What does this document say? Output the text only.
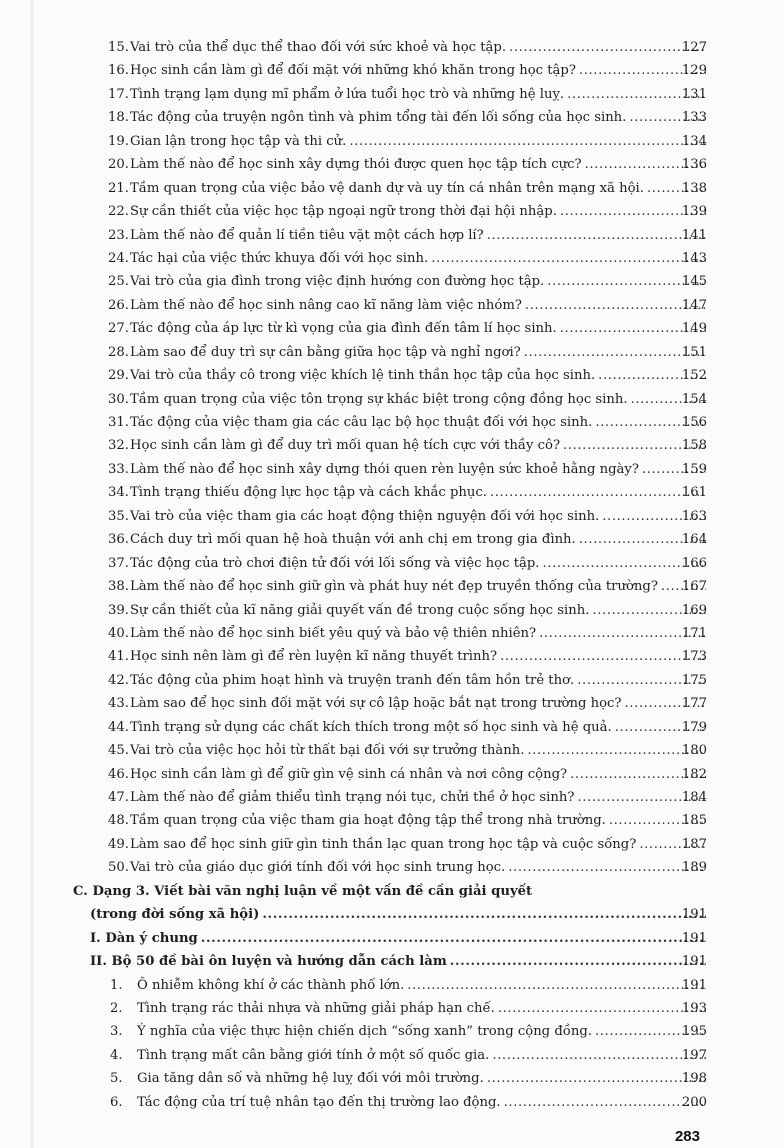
15. Vai trò của thể dục thể thao đối với sức khoẻ và học tập. .....	127
16. Học sinh cần làm gì để đối mặt với những khó khăn trong học tập? .....	129
17. Tình trạng lạm dụng mĩ phẩm ở lứa tuổi học trò và những hệ luỵ. .....	131
18. Tác động của truyện ngôn tình và phim tổng tài đến lối sống của học sinh. .....	133
19. Gian lận trong học tập và thi cử. .....	134
20. Làm thế nào để học sinh xây dựng thói được quen học tập tích cực? .....	136
21. Tầm quan trọng của việc bảo vệ danh dự và uy tín cá nhân trên mạng xã hội. .....	138
22. Sự cần thiết của việc học tập ngoại ngữ trong thời đại hội nhập. .....	139
23. Làm thế nào để quản lí tiền tiêu vặt một cách hợp lí? .....	141
24. Tác hại của việc thức khuya đối với học sinh. .....	143
25. Vai trò của gia đình trong việc định hướng con đường học tập. .....	145
26. Làm thế nào để học sinh nâng cao kĩ năng làm việc nhóm? .....	147
27. Tác động của áp lực từ kì vọng của gia đình đến tâm lí học sinh. .....	149
28. Làm sao để duy trì sự cân bằng giữa học tập và nghỉ ngơi? .....	151
29. Vai trò của thầy cô trong việc khích lệ tinh thần học tập của học sinh. .....	152
30. Tầm quan trọng của việc tôn trọng sự khác biệt trong cộng đồng học sinh. .....	154
31. Tác động của việc tham gia các câu lạc bộ học thuật đối với học sinh. .....	156
32. Học sinh cần làm gì để duy trì mối quan hệ tích cực với thầy cô? .....	158
33. Làm thế nào để học sinh xây dựng thói quen rèn luyện sức khoẻ hằng ngày? .....	159
34. Tình trạng thiếu động lực học tập và cách khắc phục. .....	161
35. Vai trò của việc tham gia các hoạt động thiện nguyện đối với học sinh. .....	163
36. Cách duy trì mối quan hệ hoà thuận với anh chị em trong gia đình. .....	164
37. Tác động của trò chơi điện tử đối với lối sống và việc học tập. .....	166
38. Làm thế nào để học sinh giữ gìn và phát huy nét đẹp truyền thống của trường? ..... 167
39. Sự cần thiết của kĩ năng giải quyết vấn đề trong cuộc sống học sinh. .....	169
40. Làm thế nào để học sinh biết yêu quý và bảo vệ thiên nhiên? .....	171
41. Học sinh nên làm gì để rèn luyện kĩ năng thuyết trình? .....	173
42. Tác động của phim hoạt hình và truyện tranh đến tâm hồn trẻ thơ. .....	175
43. Làm sao để học sinh đối mặt với sự cô lập hoặc bắt nạt trong trường học? .....	177
44. Tình trạng sử dụng các chất kích thích trong một số học sinh và hệ quả. .....	179
45. Vai trò của việc học hỏi từ thất bại đối với sự trưởng thành. .....	180
46. Học sinh cần làm gì để giữ gìn vệ sinh cá nhân và nơi công cộng? .....	182
47. Làm thế nào để giảm thiểu tình trạng nói tục, chửi thề ở học sinh? .....	184
48. Tầm quan trọng của việc tham gia hoạt động tập thể trong nhà trường. .....	185
49. Làm sao để học sinh giữ gìn tinh thần lạc quan trong học tập và cuộc sống? .....	187
50. Vai trò của giáo dục giới tính đối với học sinh trung học. .....	189
C. Dạng 3. Viết bài văn nghị luận về một vấn đề cần giải quyết
(trong đời sống xã hội) .....	191
I. Dàn ý chung .....	191
II. Bộ 50 đề bài ôn luyện và hướng dẫn cách làm .....	191
1. Ô nhiễm không khí ở các thành phố lớn. .....	191
2. Tình trạng rác thải nhựa và những giải pháp hạn chế. .....	193
3. Ý nghĩa của việc thực hiện chiến dịch “sống xanh” trong cộng đồng. .....	195
4. Tình trạng mất cân bằng giới tính ở một số quốc gia. .....	197
5. Gia tăng dân số và những hệ luỵ đối với môi trường. .....	198
6. Tác động của trí tuệ nhân tạo đến thị trường lao động. .....	200
283
